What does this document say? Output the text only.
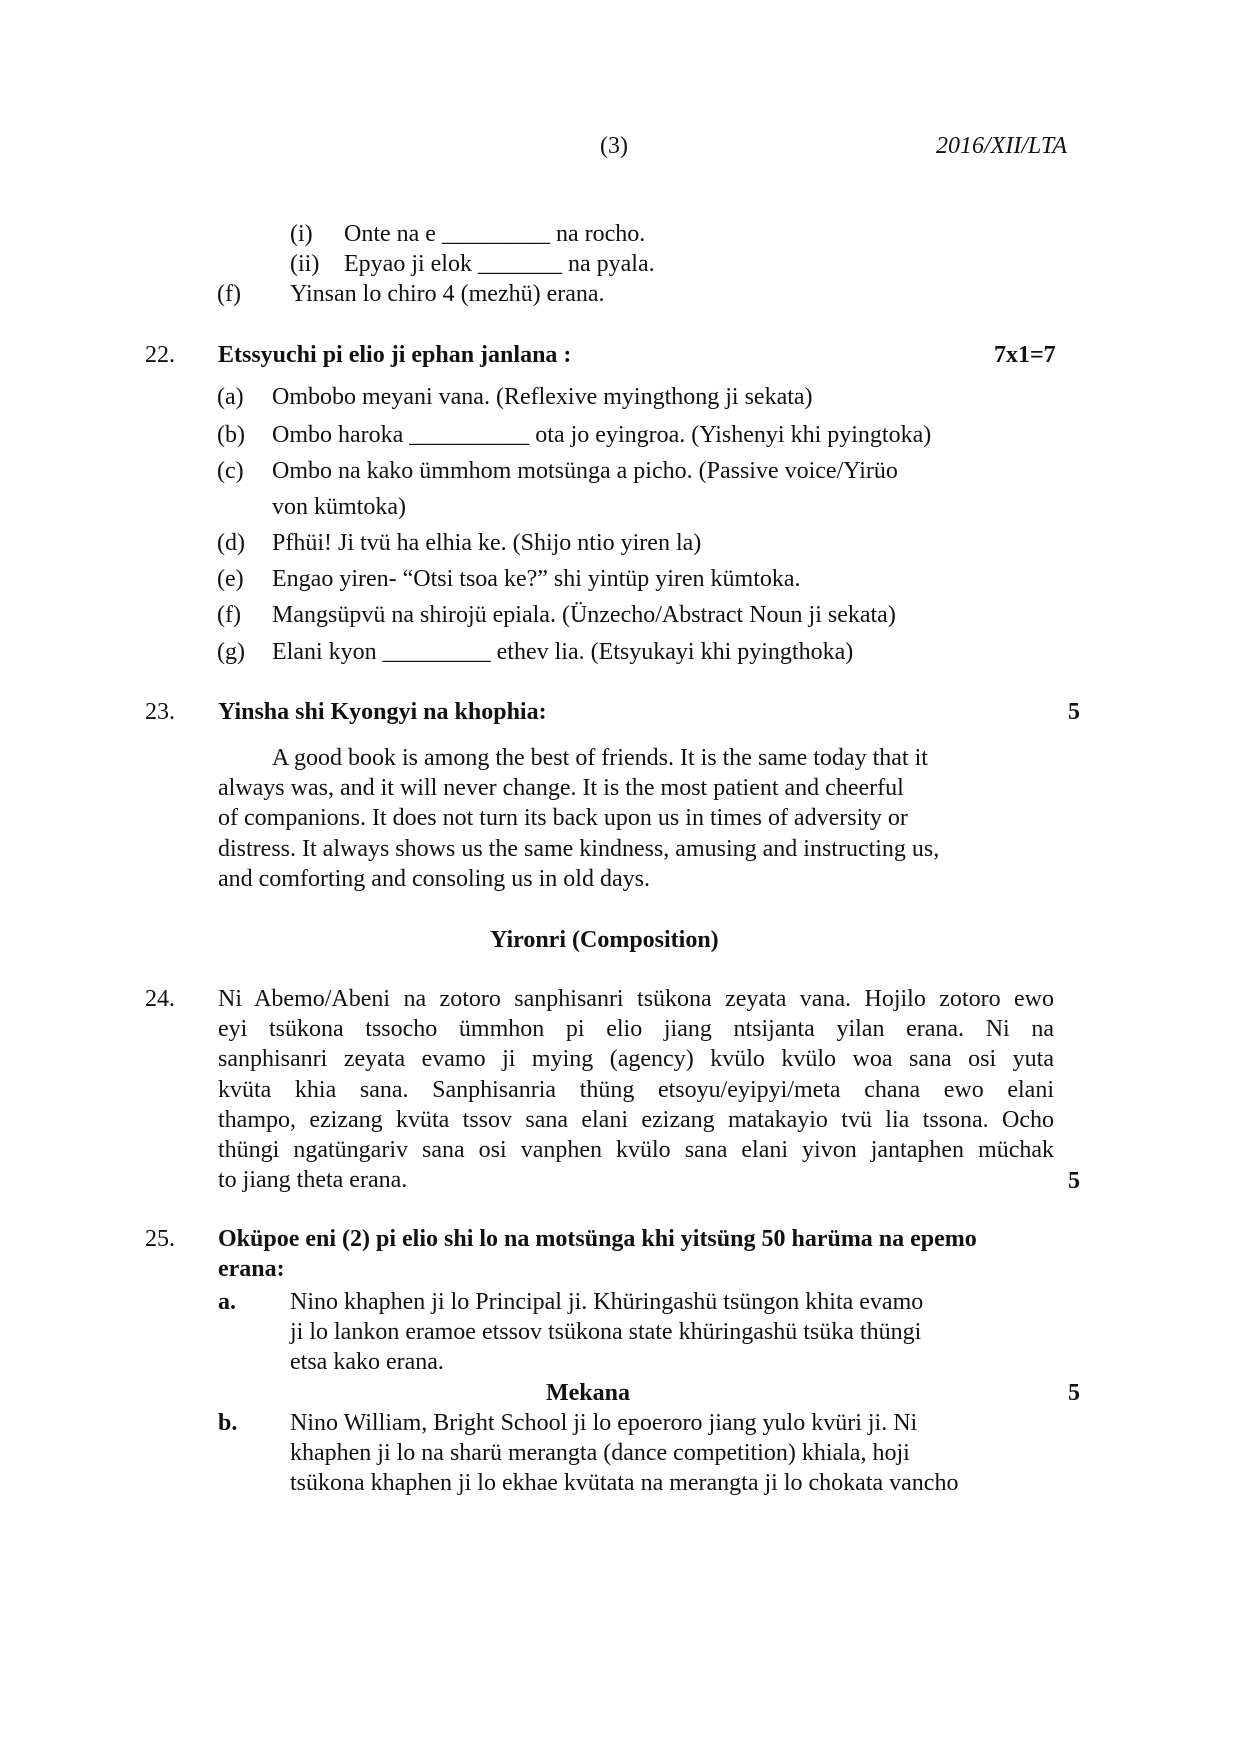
(3)	2016/XII/LTA
(i) Onte na e _________ na rocho.
(ii) Epyao ji elok _______ na pyala.
(f) Yinsan lo chiro 4 (mezhü) erana.
22. Etssyuchi pi elio ji ephan janlana :	7x1=7
(a) Ombobo meyani vana. (Reflexive myingthong ji sekata)
(b) Ombo haroka __________ ota jo eyingroa. (Yishenyi khi pyingtoka)
(c) Ombo na kako ümmhom motsünga a picho. (Passive voice/Yirüo
von kümtoka)
(d) Pfhüi! Ji tvü ha elhia ke. (Shijo ntio yiren la)
(e) Engao yiren- “Otsi tsoa ke?” shi yintüp yiren kümtoka.
(f) Mangsüpvü na shirojü epiala. (Ünzecho/Abstract Noun ji sekata)
(g) Elani kyon _________ ethev lia. (Etsyukayi khi pyingthoka)
23. Yinsha shi Kyongyi na khophia:	5
A good book is among the best of friends. It is the same today that it
always was, and it will never change. It is the most patient and cheerful
of companions. It does not turn its back upon us in times of adversity or
distress. It always shows us the same kindness, amusing and instructing us,
and comforting and consoling us in old days.
Yironri (Composition)
24. Ni Abemo/Abeni na zotoro sanphisanri tsükona zeyata vana. Hojilo zotoro ewo
eyi tsükona tssocho ümmhon pi elio jiang ntsijanta yilan erana. Ni na
sanphisanri zeyata evamo ji mying (agency) kvülo kvülo woa sana osi yuta
kvüta khia sana. Sanphisanria thüng etsoyu/eyipyi/meta chana ewo elani
thampo, ezizang kvüta tssov sana elani ezizang matakayio tvü lia tssona. Ocho
thüngi ngatüngariv sana osi vanphen kvülo sana elani yivon jantaphen müchak
to jiang theta erana.	5
25. Oküpoe eni (2) pi elio shi lo na motsünga khi yitsüng 50 harüma na epemo
erana:
a. Nino khaphen ji lo Principal ji. Khüringashü tsüngon khita evamo
ji lo lankon eramoe etssov tsükona state khüringashü tsüka thüngi
etsa kako erana.
Mekana	5
b. Nino William, Bright School ji lo epoeroro jiang yulo kvüri ji. Ni
khaphen ji lo na sharü merangta (dance competition) khiala, hoji
tsükona khaphen ji lo ekhae kvütata na merangta ji lo chokata vancho
